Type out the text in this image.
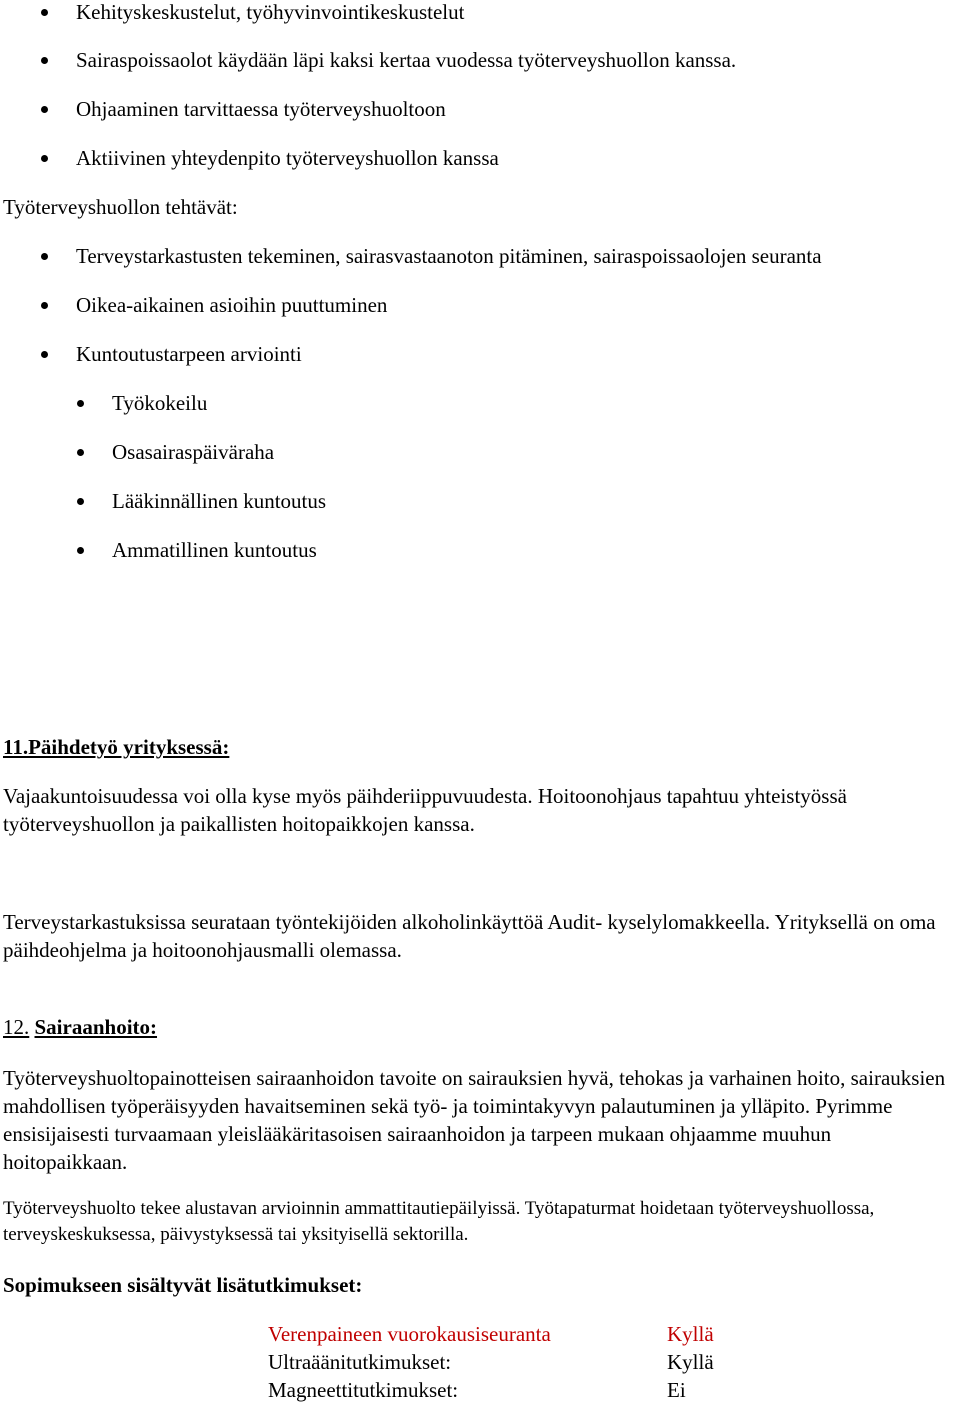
Kehityskeskustelut, työhyvinvointikeskustelut
Sairaspoissaolot käydään läpi kaksi kertaa vuodessa työterveyshuollon kanssa.
Ohjaaminen tarvittaessa työterveyshuoltoon
Aktiivinen yhteydenpito työterveyshuollon kanssa
Työterveyshuollon tehtävät:
Terveystarkastusten tekeminen, sairasvastaanoton pitäminen, sairaspoissaolojen seuranta
Oikea-aikainen asioihin puuttuminen
Kuntoutustarpeen arviointi
Työkokeilu
Osasairaspäiväraha
Lääkinnällinen kuntoutus
Ammatillinen kuntoutus
11.Päihdetyö yrityksessä:
Vajaakuntoisuudessa voi olla kyse myös päihderiippuvuudesta. Hoitoonohjaus tapahtuu yhteistyössä työterveyshuollon ja paikallisten hoitopaikkojen kanssa.
Terveystarkastuksissa seurataan työntekijöiden alkoholinkäyttöä Audit- kyselylomakkeella. Yrityksellä on oma päihdeohjelma ja hoitoonohjausmalli olemassa.
12. Sairaanhoito:
Työterveyshuoltopainotteisen sairaanhoidon tavoite on sairauksien hyvä, tehokas ja varhainen hoito, sairauksien mahdollisen työperäisyyden havaitseminen sekä työ- ja toimintakyvyn palautuminen ja ylläpito. Pyrimme ensisijaisesti turvaamaan yleislääkäritasoisen sairaanhoidon ja tarpeen mukaan ohjaamme muuhun hoitopaikkaan.
Työterveyshuolto tekee alustavan arvioinnin ammattitautiepäilyissä. Työtapaturmat hoidetaan työterveyshuollossa, terveyskeskuksessa, päivystyksessä tai yksityisellä sektorilla.
Sopimukseen sisältyvät lisätutkimukset:
Verenpaineen vuorokausiseuranta	Kyllä
Ultraäänitutkimukset:	Kyllä
Magneettitutkimukset:	Ei
